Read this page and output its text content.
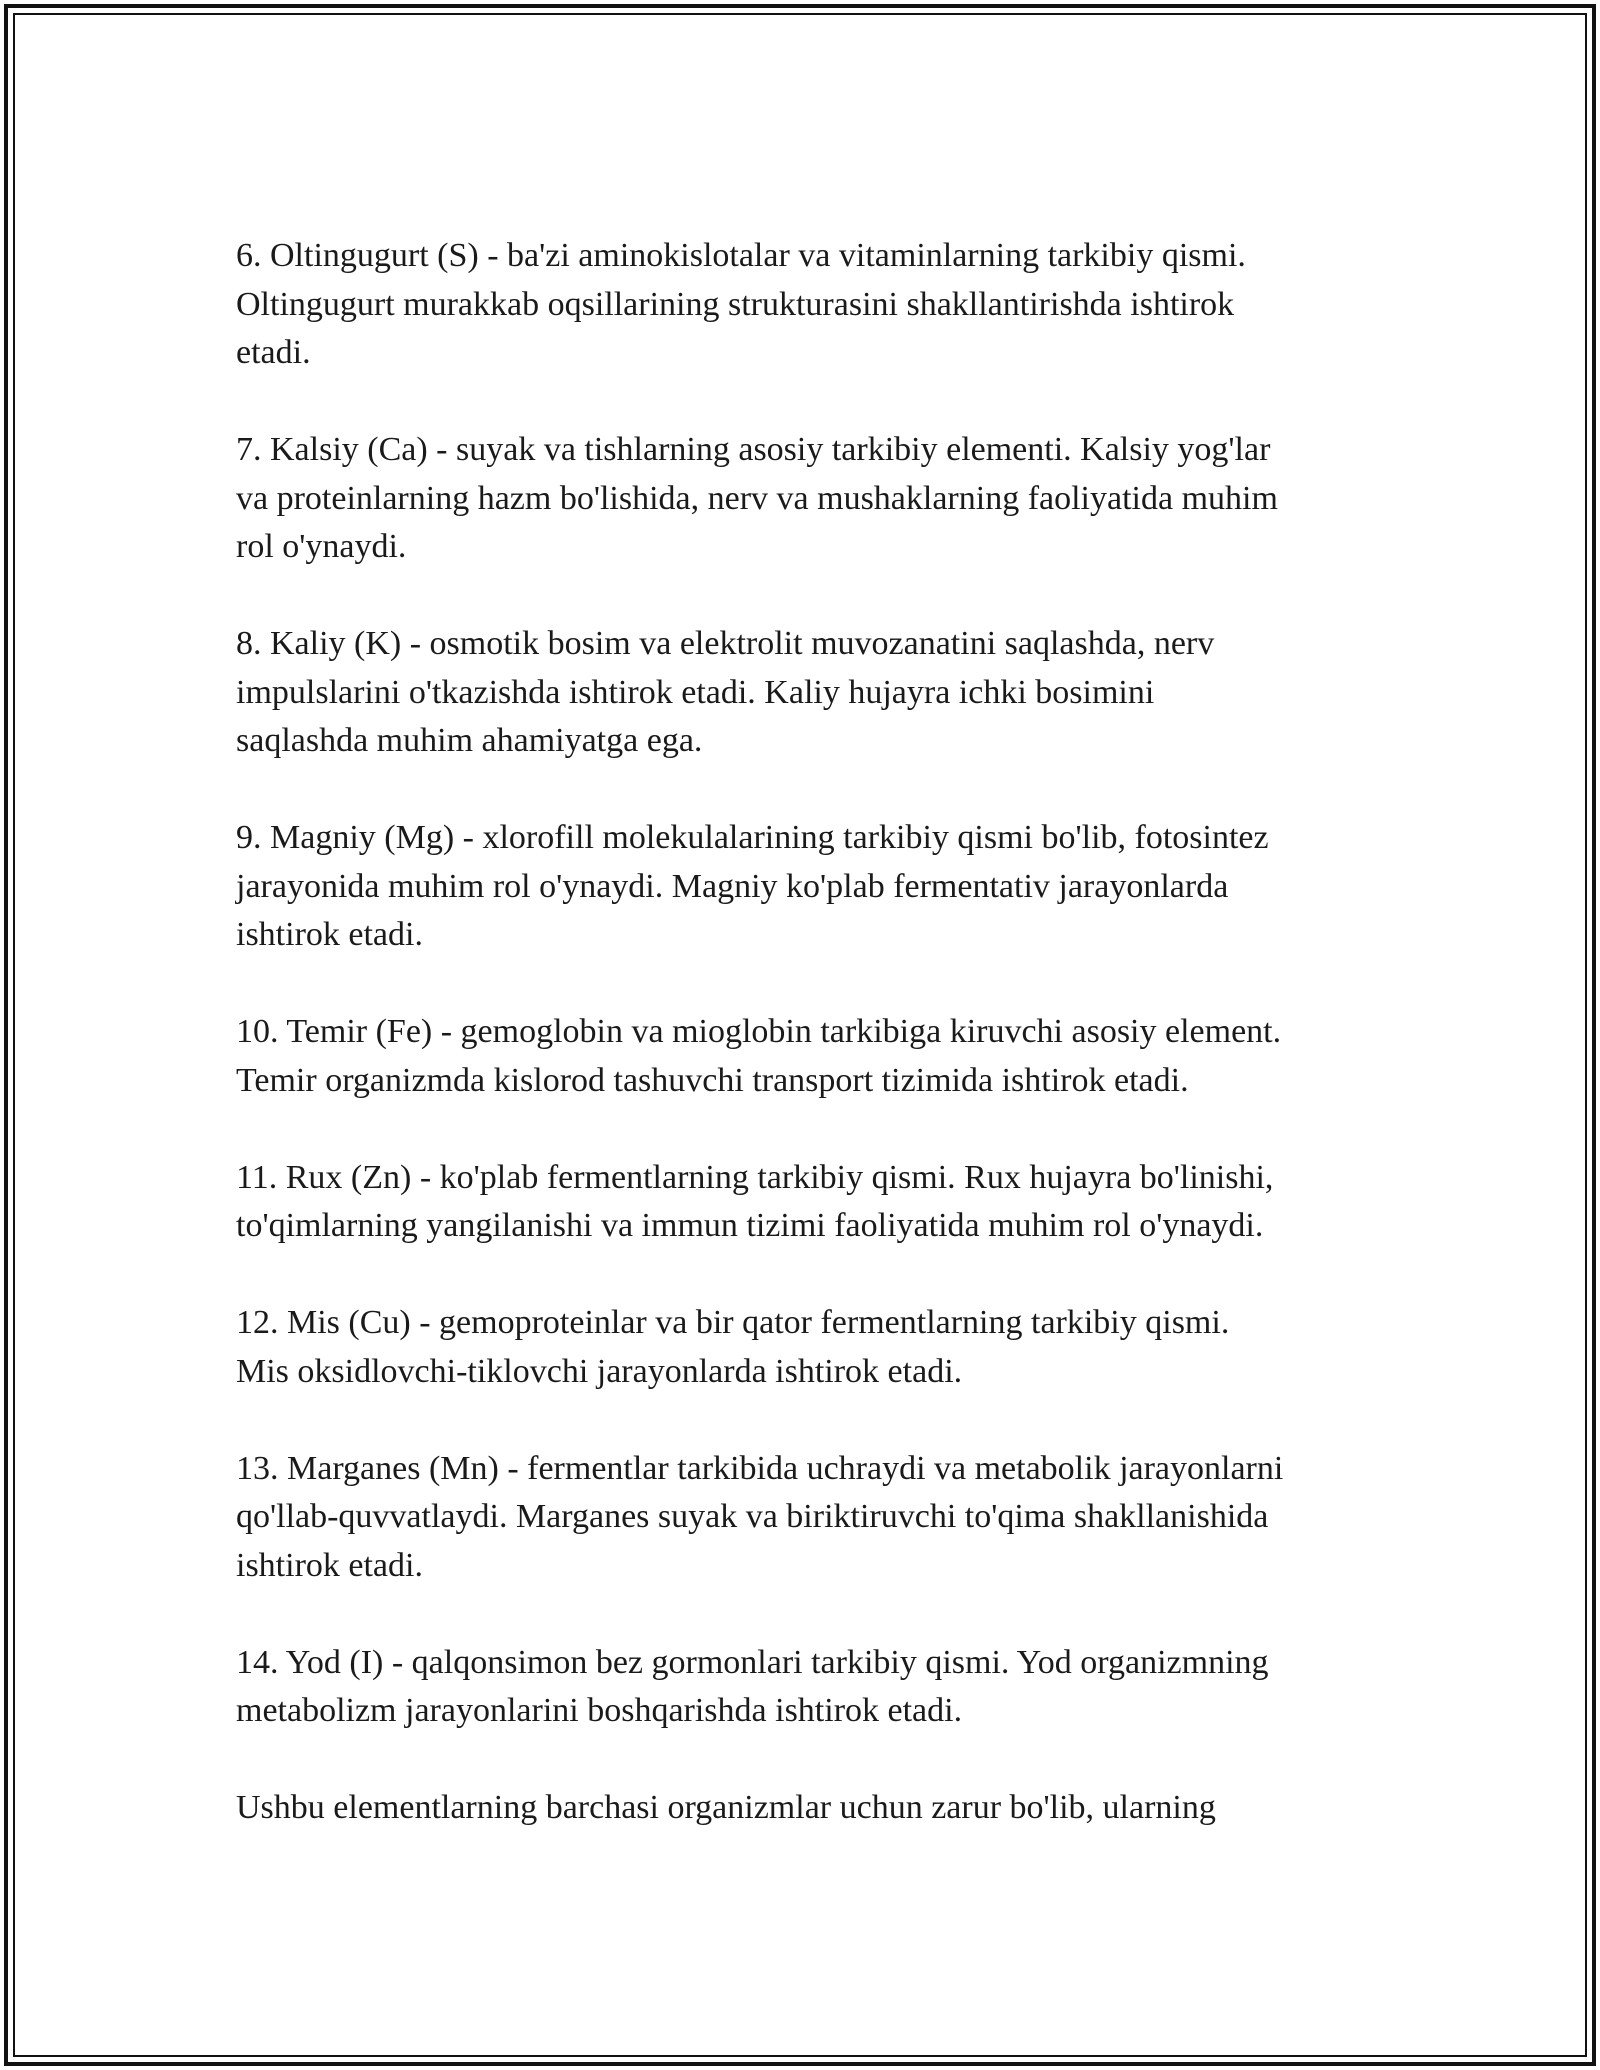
6. Oltingugurt (S) - ba'zi aminokislotalar va vitaminlarning tarkibiy qismi.
Oltingugurt murakkab oqsillarining strukturasini shakllantirishda ishtirok
etadi.

7. Kalsiy (Ca) - suyak va tishlarning asosiy tarkibiy elementi. Kalsiy yog'lar
va proteinlarning hazm bo'lishida, nerv va mushaklarning faoliyatida muhim
rol o'ynaydi.

8. Kaliy (K) - osmotik bosim va elektrolit muvozanatini saqlashda, nerv
impulslarini o'tkazishda ishtirok etadi. Kaliy hujayra ichki bosimini
saqlashda muhim ahamiyatga ega.

9. Magniy (Mg) - xlorofill molekulalarining tarkibiy qismi bo'lib, fotosintez
jarayonida muhim rol o'ynaydi. Magniy ko'plab fermentativ jarayonlarda
ishtirok etadi.

10. Temir (Fe) - gemoglobin va mioglobin tarkibiga kiruvchi asosiy element.
Temir organizmda kislorod tashuvchi transport tizimida ishtirok etadi.

11. Rux (Zn) - ko'plab fermentlarning tarkibiy qismi. Rux hujayra bo'linishi,
to'qimlarning yangilanishi va immun tizimi faoliyatida muhim rol o'ynaydi.

12. Mis (Cu) - gemoproteinlar va bir qator fermentlarning tarkibiy qismi.
Mis oksidlovchi-tiklovchi jarayonlarda ishtirok etadi.

13. Marganes (Mn) - fermentlar tarkibida uchraydi va metabolik jarayonlarni
qo'llab-quvvatlaydi. Marganes suyak va biriktiruvchi to'qima shakllanishida
ishtirok etadi.

14. Yod (I) - qalqonsimon bez gormonlari tarkibiy qismi. Yod organizmning
metabolizm jarayonlarini boshqarishda ishtirok etadi.

Ushbu elementlarning barchasi organizmlar uchun zarur bo'lib, ularning
